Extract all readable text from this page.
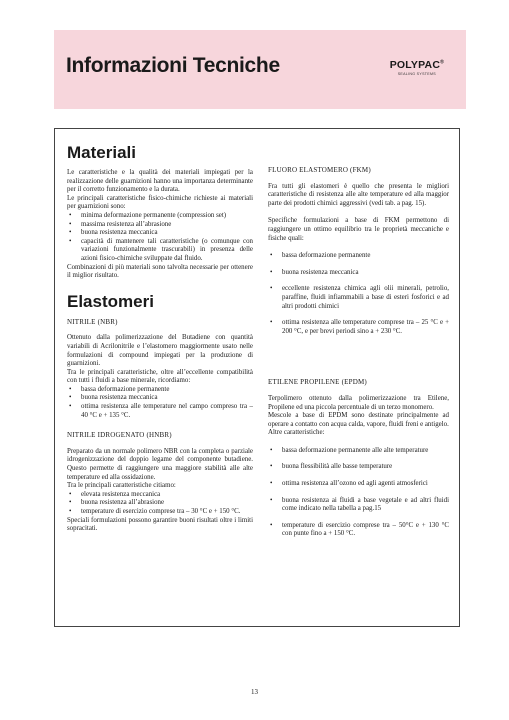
Informazioni Tecniche	POLYPAC®
SEALING SYSTEMS
Materiali

Le caratteristiche e la qualità dei materiali impiegati per la realizzazione delle guarnizioni hanno una importanza determinante per il corretto funzionamento e la durata.

Le principali caratteristiche fisico-chimiche richieste ai materiali per guarnizioni sono:

• minima deformazione permanente (compression set)
• massima resistenza all’abrasione
• buona resistenza meccanica
• capacità di mantenere tali caratteristiche (o comunque con variazioni funzionalmente trascurabili) in presenza delle azioni fisico-chimiche sviluppate dal fluido.

Combinazioni di più materiali sono talvolta necessarie per ottenere il miglior risultato.

Elastomeri
NITRILE (NBR)

Ottenuto dalla polimerizzazione del Butadiene con quantità variabili di Acrilonitrile e l’elastomero maggiormente usato nelle formulazioni di compound impiegati per la produzione di guarnizioni.

Tra le principali caratteristiche, oltre all’eccellente compatibilità con tutti i fluidi a base minerale, ricordiamo:

• bassa deformazione permanente
• buona resistenza meccanica
• ottima resistenza alle temperature nel campo compreso tra – 40 °C e + 135 °C.
NITRILE IDROGENATO (HNBR)

Preparato da un normale polimero NBR con la completa o parziale idrogenizzazione del doppio legame del componente butadiene. Questo permette di raggiungere una maggiore stabilità alle alte temperature ed alla ossidazione.

Tra le principali caratteristiche citiamo:

• elevata resistenza meccanica
• buona resistenza all’abrasione
• temperature di esercizio comprese tra – 30 °C e + 150 °C.

Speciali formulazioni possono garantire buoni risultati oltre i limiti sopracitati.

FLUORO ELASTOMERO (FKM)

Fra tutti gli elastomeri è quello che presenta le migliori caratteristiche di resistenza alle alte temperature ed alla maggior parte dei prodotti chimici aggressivi (vedi tab. a pag. 15).

Specifiche formulazioni a base di FKM permettono di raggiungere un ottimo equilibrio tra le proprietà meccaniche e fisiche quali:

• bassa deformazione permanente
• buona resistenza meccanica
• eccellente resistenza chimica agli olii minerali, petrolio, paraffine, fluidi infiammabili a base di esteri fosforici e ad altri prodotti chimici
• ottima resistenza alle temperature comprese tra – 25 °C e + 200 °C, e per brevi periodi sino a + 230 °C.
ETILENE PROPILENE (EPDM)

Terpolimero ottenuto dalla polimerizzazione tra Etilene, Propilene ed una piccola percentuale di un terzo monomero.

Mescole a base di EPDM sono destinate principalmente ad operare a contatto con acqua calda, vapore, fluidi freni e antigelo.

Altre caratteristiche:

• bassa deformazione permanente alle alte temperature
• buona flessibilità alle basse temperature
• ottima resistenza all’ozono ed agli agenti atmosferici
• buona resistenza ai fluidi a base vegetale e ad altri fluidi come indicato nella tabella a pag.15
• temperature di esercizio comprese tra – 50°C e + 130 °C con punte fino a + 150 °C.
13
